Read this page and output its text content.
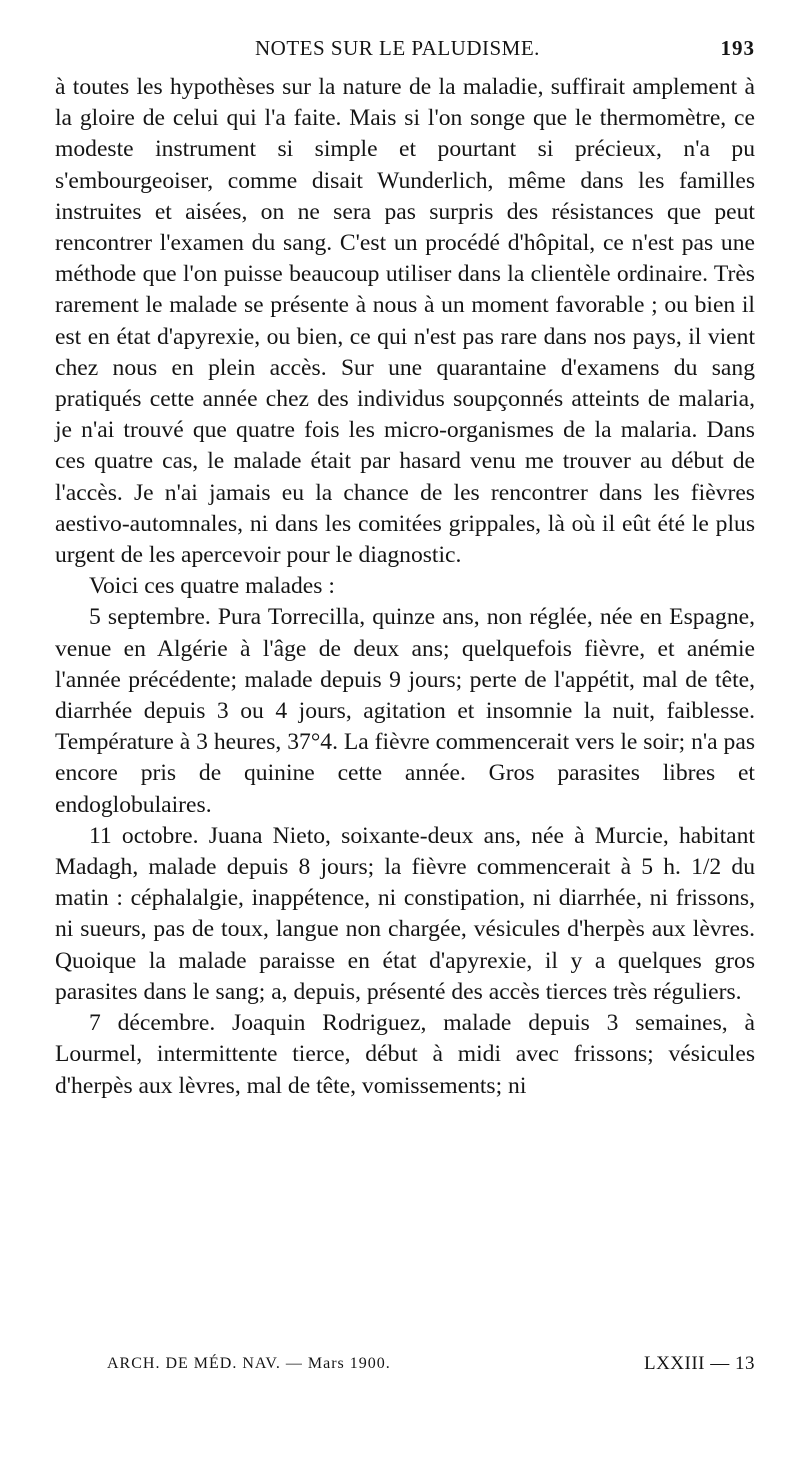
NOTES SUR LE PALUDISME.	193

à toutes les hypothèses sur la nature de la maladie, suffirait amplement à la gloire de celui qui l'a faite. Mais si l'on songe que le thermomètre, ce modeste instrument si simple et pourtant si précieux, n'a pu s'embourgeoiser, comme disait Wunderlich, même dans les familles instruites et aisées, on ne sera pas surpris des résistances que peut rencontrer l'examen du sang. C'est un procédé d'hôpital, ce n'est pas une méthode que l'on puisse beaucoup utiliser dans la clientèle ordinaire. Très rarement le malade se présente à nous à un moment favorable ; ou bien il est en état d'apyrexie, ou bien, ce qui n'est pas rare dans nos pays, il vient chez nous en plein accès. Sur une quarantaine d'examens du sang pratiqués cette année chez des individus soupçonnés atteints de malaria, je n'ai trouvé que quatre fois les micro-organismes de la malaria. Dans ces quatre cas, le malade était par hasard venu me trouver au début de l'accès. Je n'ai jamais eu la chance de les rencontrer dans les fièvres aestivo-automnales, ni dans les comitées grippales, là où il eût été le plus urgent de les apercevoir pour le diagnostic.

Voici ces quatre malades :

5 septembre. Pura Torrecilla, quinze ans, non réglée, née en Espagne, venue en Algérie à l'âge de deux ans; quelquefois fièvre, et anémie l'année précédente; malade depuis 9 jours; perte de l'appétit, mal de tête, diarrhée depuis 3 ou 4 jours, agitation et insomnie la nuit, faiblesse. Température à 3 heures, 37°4. La fièvre commencerait vers le soir; n'a pas encore pris de quinine cette année. Gros parasites libres et endoglobulaires.

11 octobre. Juana Nieto, soixante-deux ans, née à Murcie, habitant Madagh, malade depuis 8 jours; la fièvre commencerait à 5 h. 1/2 du matin : céphalalgie, inappétence, ni constipation, ni diarrhée, ni frissons, ni sueurs, pas de toux, langue non chargée, vésicules d'herpès aux lèvres. Quoique la malade paraisse en état d'apyrexie, il y a quelques gros parasites dans le sang; a, depuis, présenté des accès tierces très réguliers.

7 décembre. Joaquin Rodriguez, malade depuis 3 semaines, à Lourmel, intermittente tierce, début à midi avec frissons; vésicules d'herpès aux lèvres, mal de tête, vomissements; ni

ARCH. DE MÉD. NAV. — Mars 1900.	LXXIII — 13
